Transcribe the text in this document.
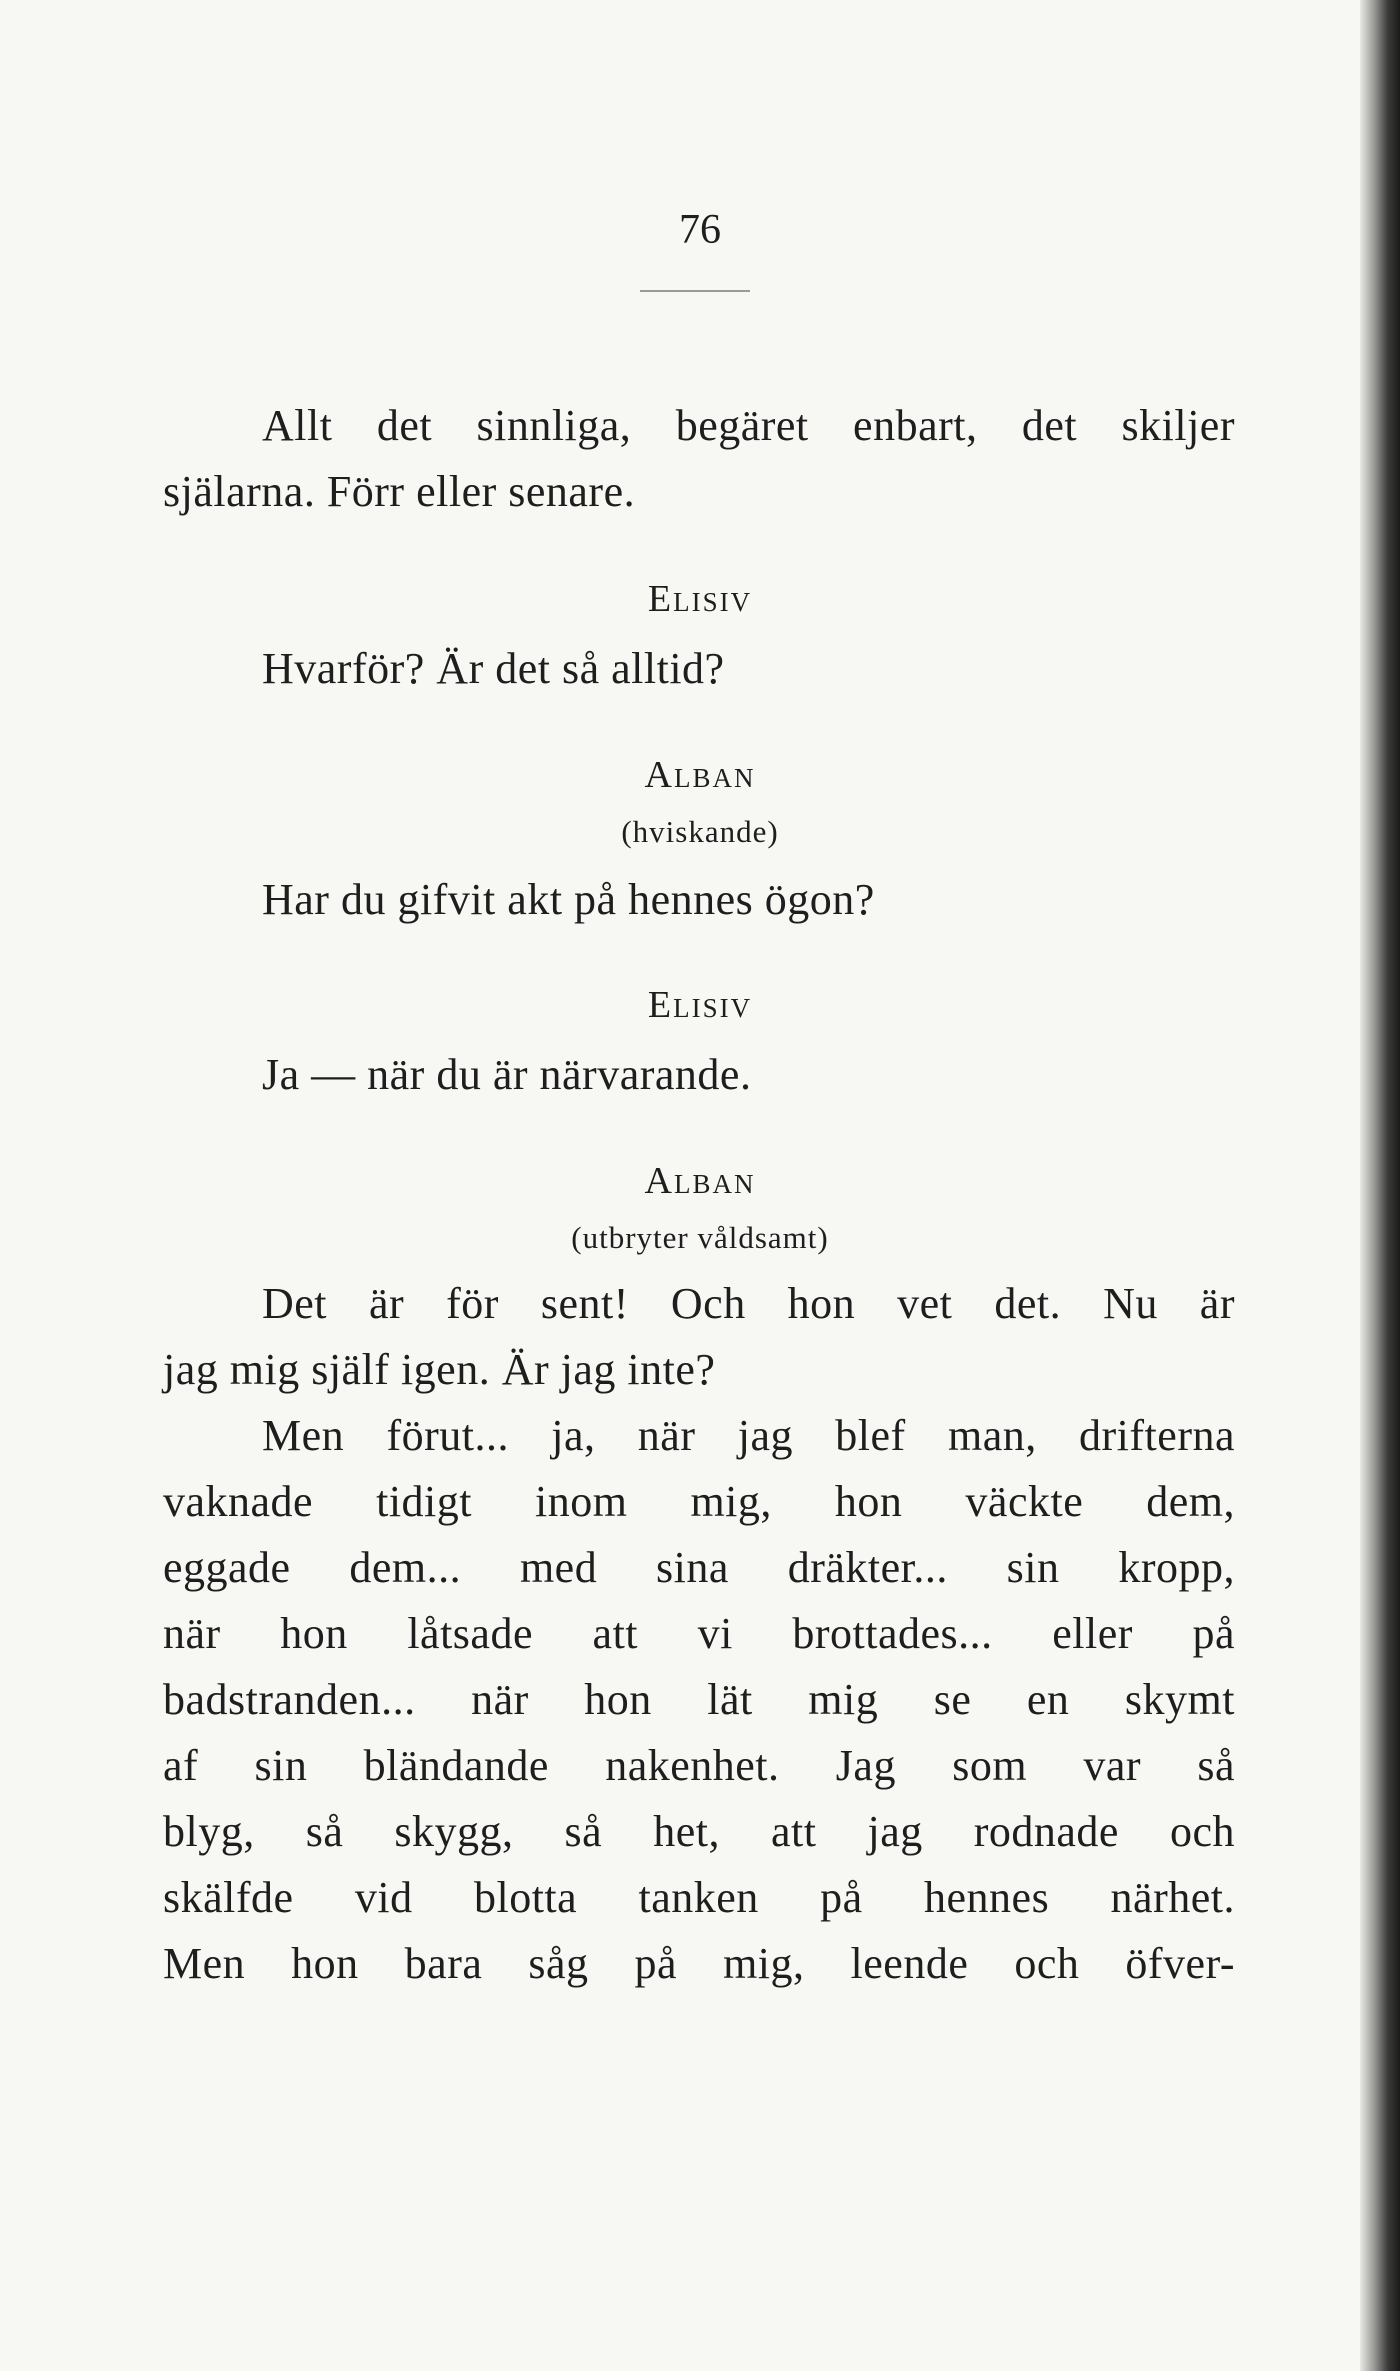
76
Allt det sinnliga, begäret enbart, det skiljer
själarna. Förr eller senare.
Elisiv
Hvarför? Är det så alltid?
Alban
(hviskande)
Har du gifvit akt på hennes ögon?
Elisiv
Ja — när du är närvarande.
Alban
(utbryter våldsamt)
Det är för sent! Och hon vet det. Nu är
jag mig själf igen. Är jag inte?
Men förut... ja, när jag blef man, drifterna
vaknade tidigt inom mig, hon väckte dem,
eggade dem... med sina dräkter... sin kropp,
när hon låtsade att vi brottades... eller på
badstranden... när hon lät mig se en skymt
af sin bländande nakenhet. Jag som var så
blyg, så skygg, så het, att jag rodnade och
skälfde vid blotta tanken på hennes närhet.
Men hon bara såg på mig, leende och öfver-
